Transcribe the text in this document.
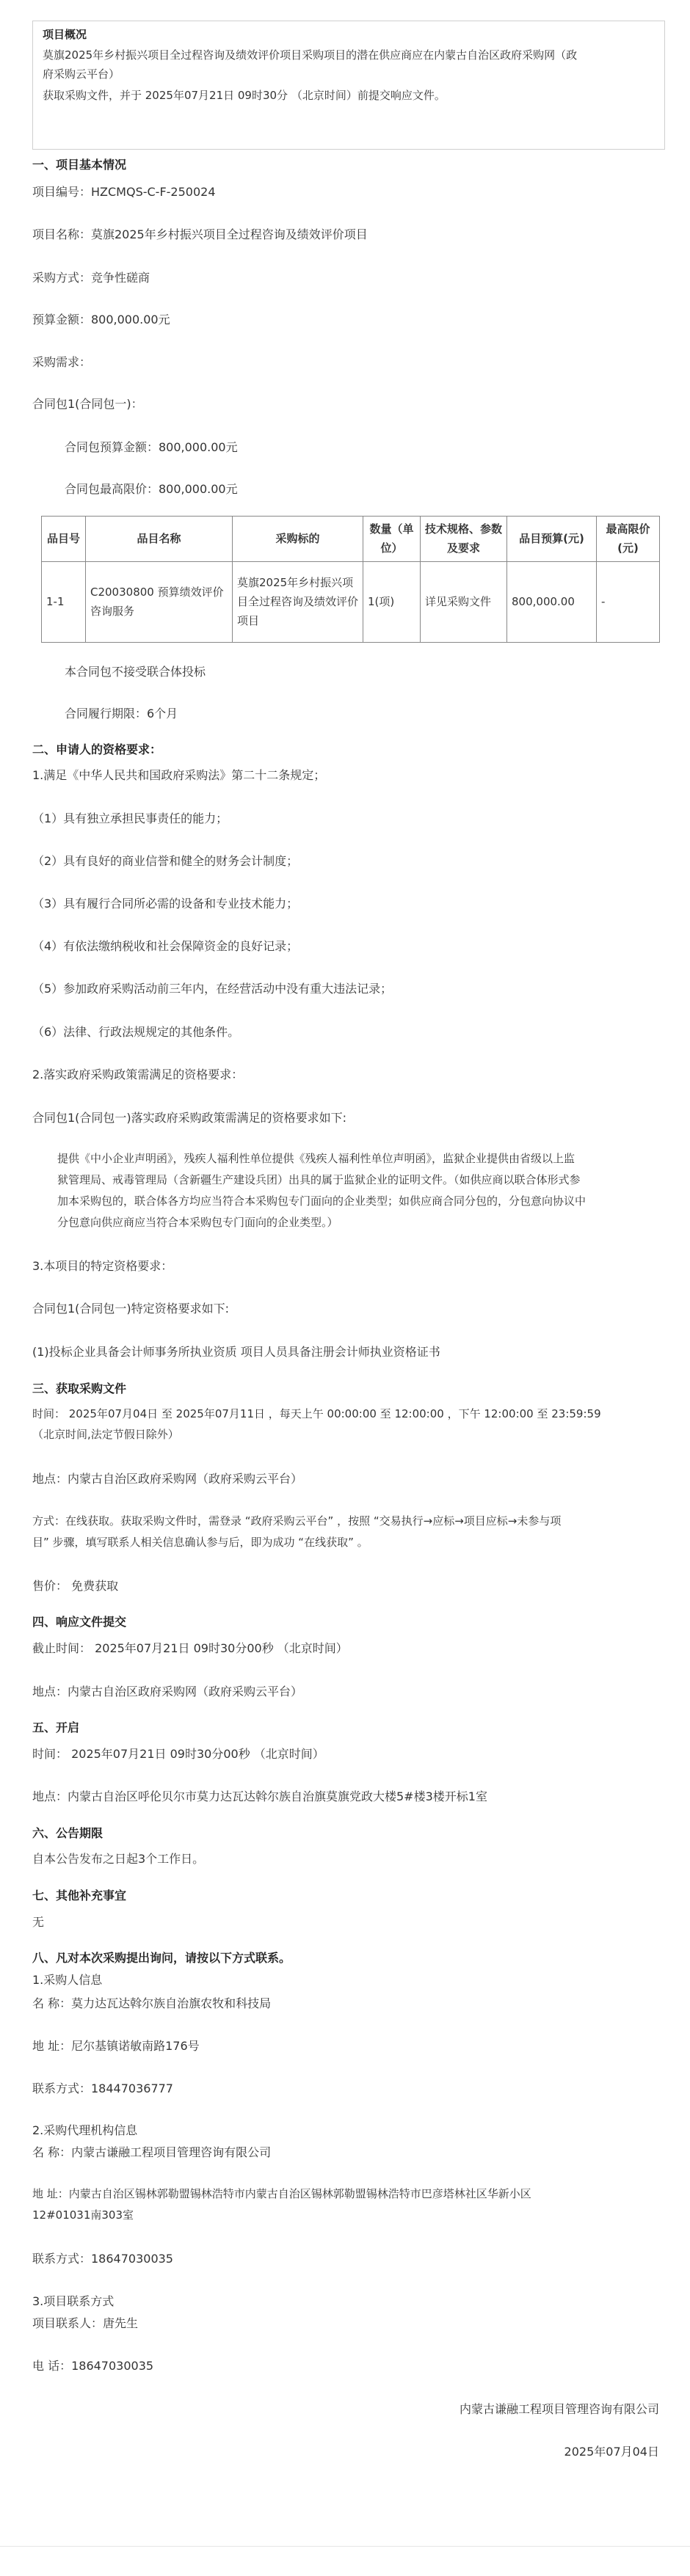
项目概况
莫旗2025年乡村振兴项目全过程咨询及绩效评价项目采购项目的潜在供应商应在内蒙古自治区政府采购网（政
府采购云平台）
获取采购文件，并于 2025年07月21日 09时30分 （北京时间）前提交响应文件。
一、项目基本情况
项目编号：HZCMQS-C-F-250024
项目名称：莫旗2025年乡村振兴项目全过程咨询及绩效评价项目
采购方式：竞争性磋商
预算金额：800,000.00元
采购需求：
合同包1(合同包一)：
合同包预算金额：800,000.00元
合同包最高限价：800,000.00元
品目号	品目名称	采购标的	数量（单位）	技术规格、参数及要求	品目预算(元)	最高限价(元)
1-1	C20030800 预算绩效评价咨询服务	莫旗2025年乡村振兴项目全过程咨询及绩效评价项目	1(项)	详见采购文件	800,000.00	-
本合同包不接受联合体投标
合同履行期限：6个月
二、申请人的资格要求：
1.满足《中华人民共和国政府采购法》第二十二条规定；
（1）具有独立承担民事责任的能力；
（2）具有良好的商业信誉和健全的财务会计制度；
（3）具有履行合同所必需的设备和专业技术能力；
（4）有依法缴纳税收和社会保障资金的良好记录；
（5）参加政府采购活动前三年内，在经营活动中没有重大违法记录；
（6）法律、行政法规规定的其他条件。
2.落实政府采购政策需满足的资格要求：
合同包1(合同包一)落实政府采购政策需满足的资格要求如下:
提供《中小企业声明函》，残疾人福利性单位提供《残疾人福利性单位声明函》，监狱企业提供由省级以上监
狱管理局、戒毒管理局（含新疆生产建设兵团）出具的属于监狱企业的证明文件。（如供应商以联合体形式参
加本采购包的，联合体各方均应当符合本采购包专门面向的企业类型；如供应商合同分包的，分包意向协议中
分包意向供应商应当符合本采购包专门面向的企业类型。）
3.本项目的特定资格要求：
合同包1(合同包一)特定资格要求如下:
(1)投标企业具备会计师事务所执业资质 项目人员具备注册会计师执业资格证书
三、获取采购文件
时间： 2025年07月04日 至 2025年07月11日 ，每天上午 00:00:00 至 12:00:00 ，下午 12:00:00 至 23:59:59
（北京时间,法定节假日除外）
地点：内蒙古自治区政府采购网（政府采购云平台）
方式：在线获取。获取采购文件时，需登录 “政府采购云平台” ，按照 “交易执行→应标→项目应标→未参与项
目” 步骤，填写联系人相关信息确认参与后，即为成功 “在线获取” 。
售价： 免费获取
四、响应文件提交
截止时间： 2025年07月21日 09时30分00秒 （北京时间）
地点：内蒙古自治区政府采购网（政府采购云平台）
五、开启
时间： 2025年07月21日 09时30分00秒 （北京时间）
地点：内蒙古自治区呼伦贝尔市莫力达瓦达斡尔族自治旗莫旗党政大楼5#楼3楼开标1室
六、公告期限
自本公告发布之日起3个工作日。
七、其他补充事宜
无
八、凡对本次采购提出询问，请按以下方式联系。
1.采购人信息
名 称：莫力达瓦达斡尔族自治旗农牧和科技局
地 址：尼尔基镇诺敏南路176号
联系方式：18447036777
2.采购代理机构信息
名 称：内蒙古谦融工程项目管理咨询有限公司
地 址：内蒙古自治区锡林郭勒盟锡林浩特市内蒙古自治区锡林郭勒盟锡林浩特市巴彦塔林社区华新小区
12#01031南303室
联系方式：18647030035
3.项目联系方式
项目联系人：唐先生
电 话：18647030035
内蒙古谦融工程项目管理咨询有限公司
2025年07月04日
